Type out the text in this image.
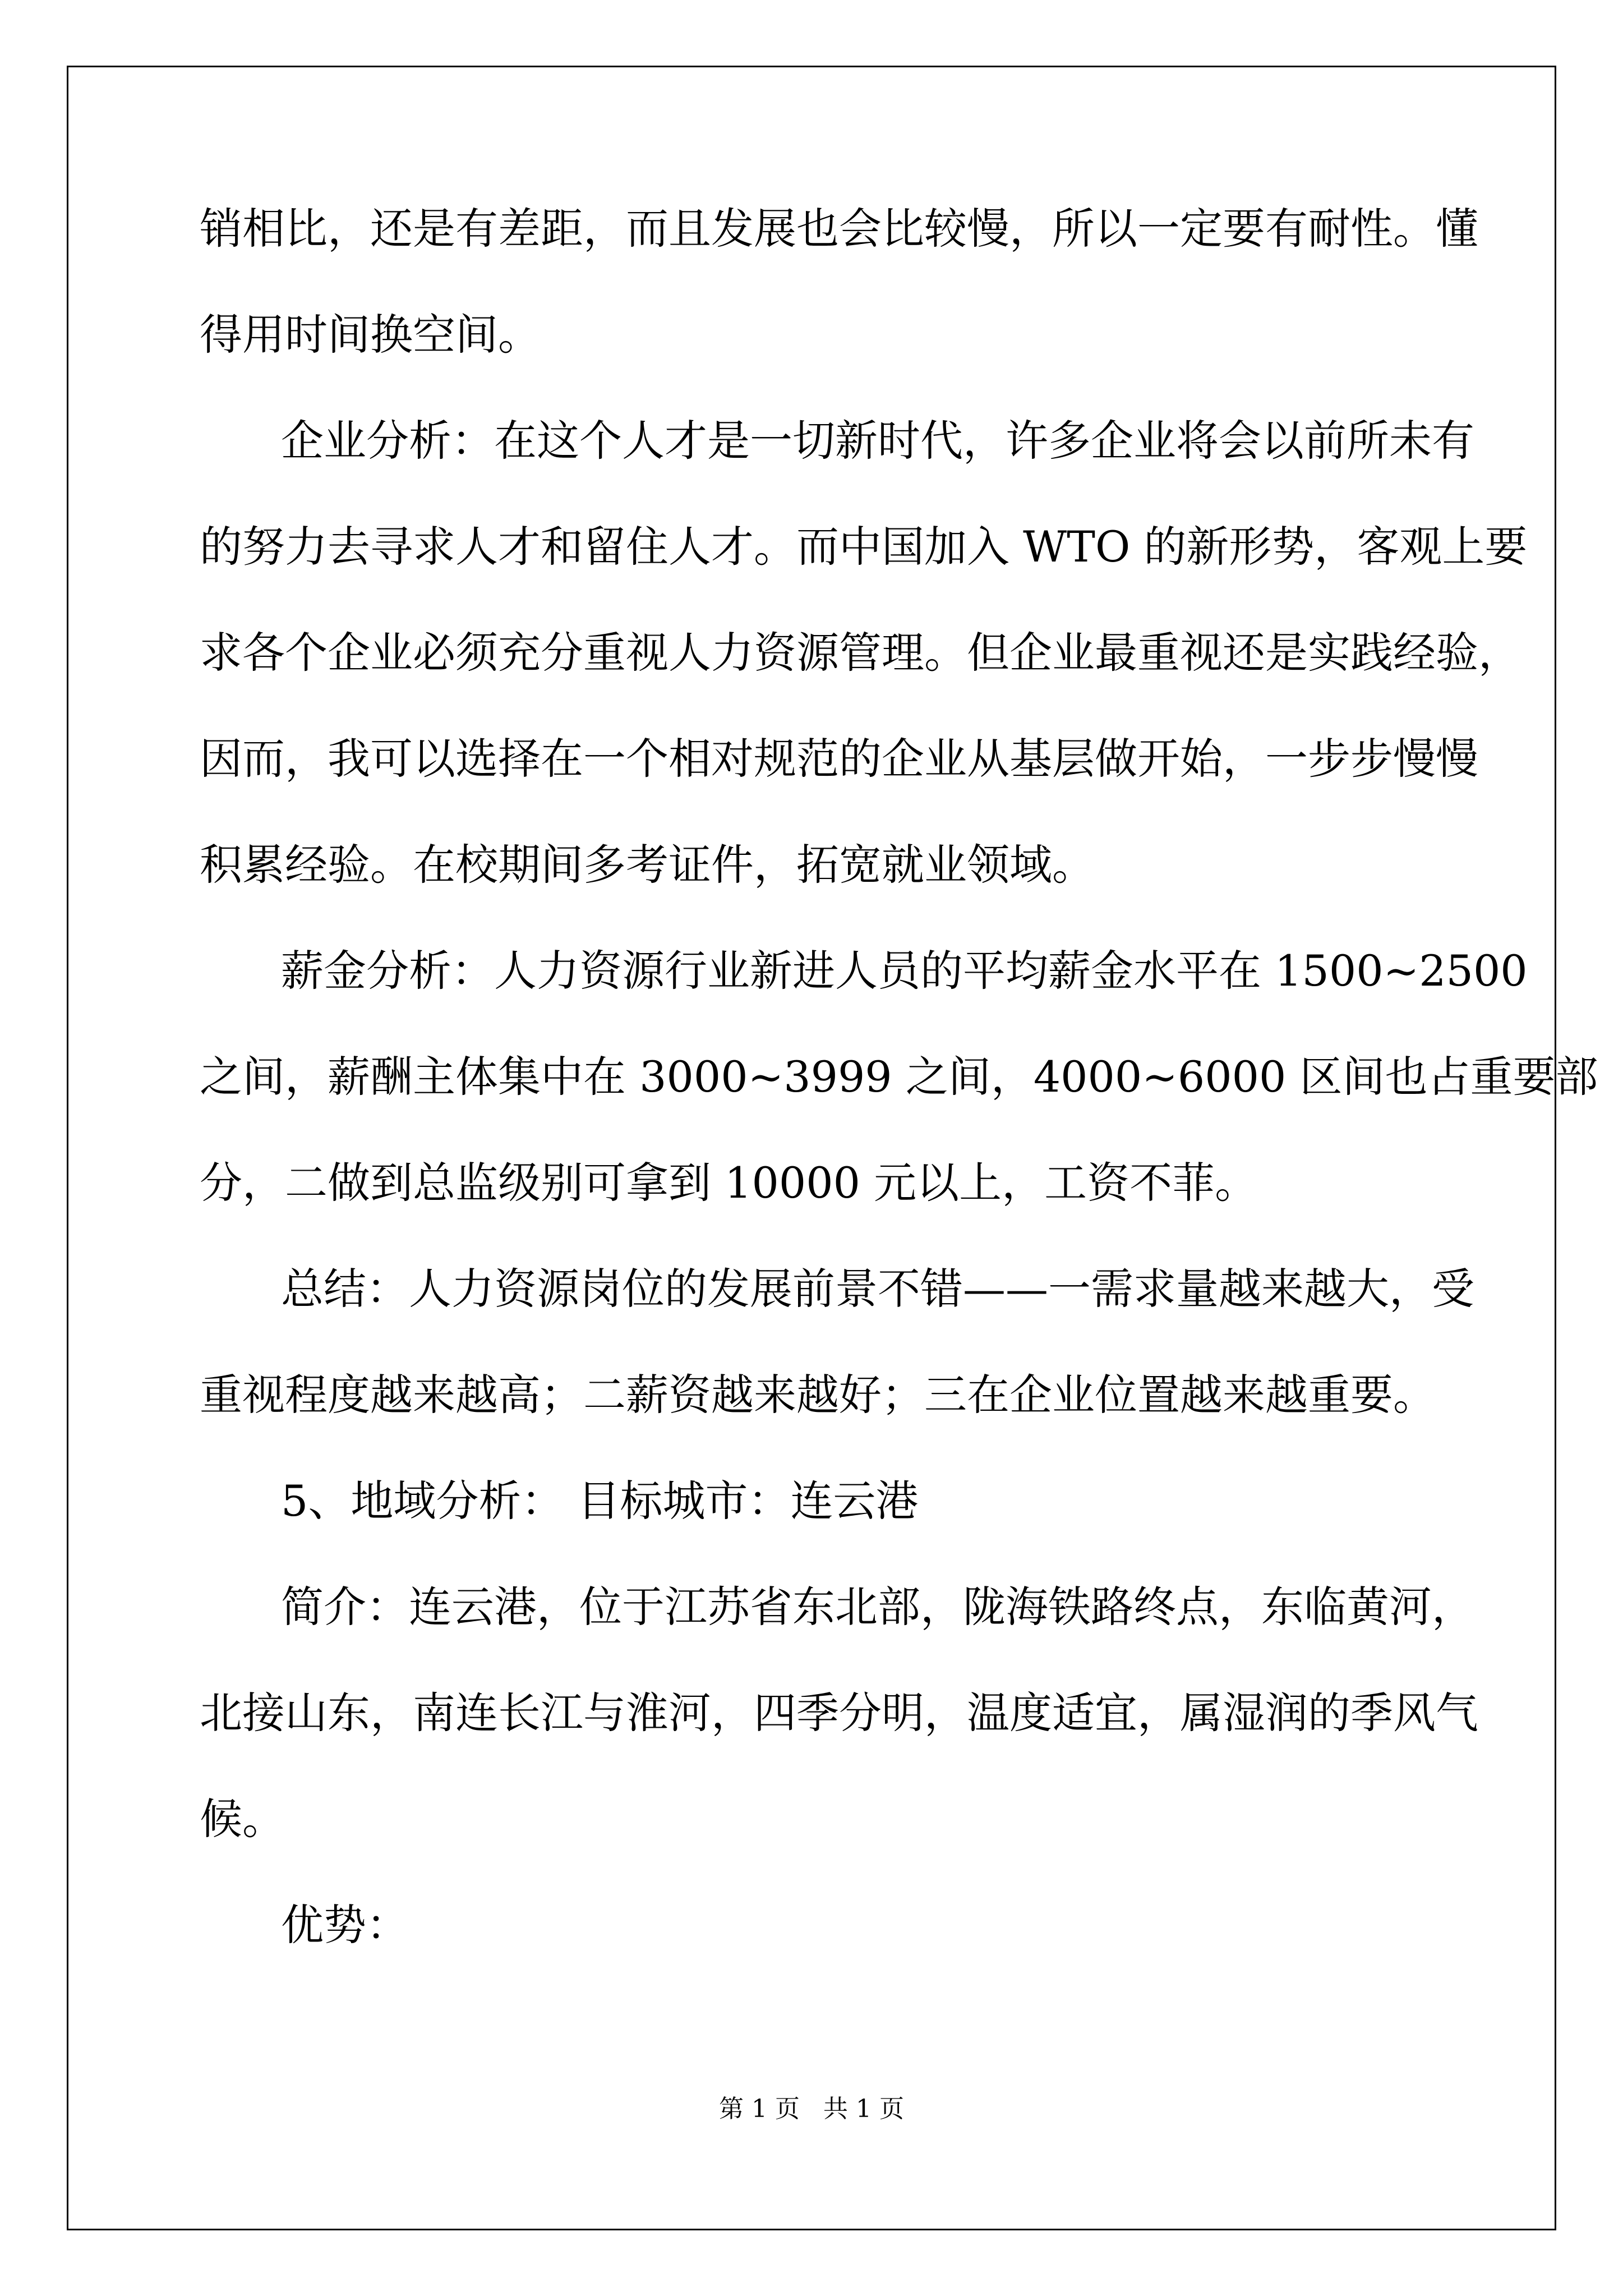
销相比，还是有差距，而且发展也会比较慢，所以一定要有耐性。懂
得用时间换空间。
企业分析：在这个人才是一切新时代，许多企业将会以前所未有
的努力去寻求人才和留住人才。而中国加入 WTO 的新形势，客观上要
求各个企业必须充分重视人力资源管理。但企业最重视还是实践经验，
因而，我可以选择在一个相对规范的企业从基层做开始，一步步慢慢
积累经验。在校期间多考证件，拓宽就业领域。
薪金分析：人力资源行业新进人员的平均薪金水平在 1500~2500
之间，薪酬主体集中在 3000~3999 之间，4000~6000 区间也占重要部
分，二做到总监级别可拿到 10000 元以上，工资不菲。
总结：人力资源岗位的发展前景不错——一需求量越来越大，受
重视程度越来越高；二薪资越来越好；三在企业位置越来越重要。
5、地域分析： 目标城市：连云港
简介：连云港，位于江苏省东北部，陇海铁路终点，东临黄河，
北接山东，南连长江与淮河，四季分明，温度适宜，属湿润的季风气
候。
优势：
第 1 页   共 1 页
